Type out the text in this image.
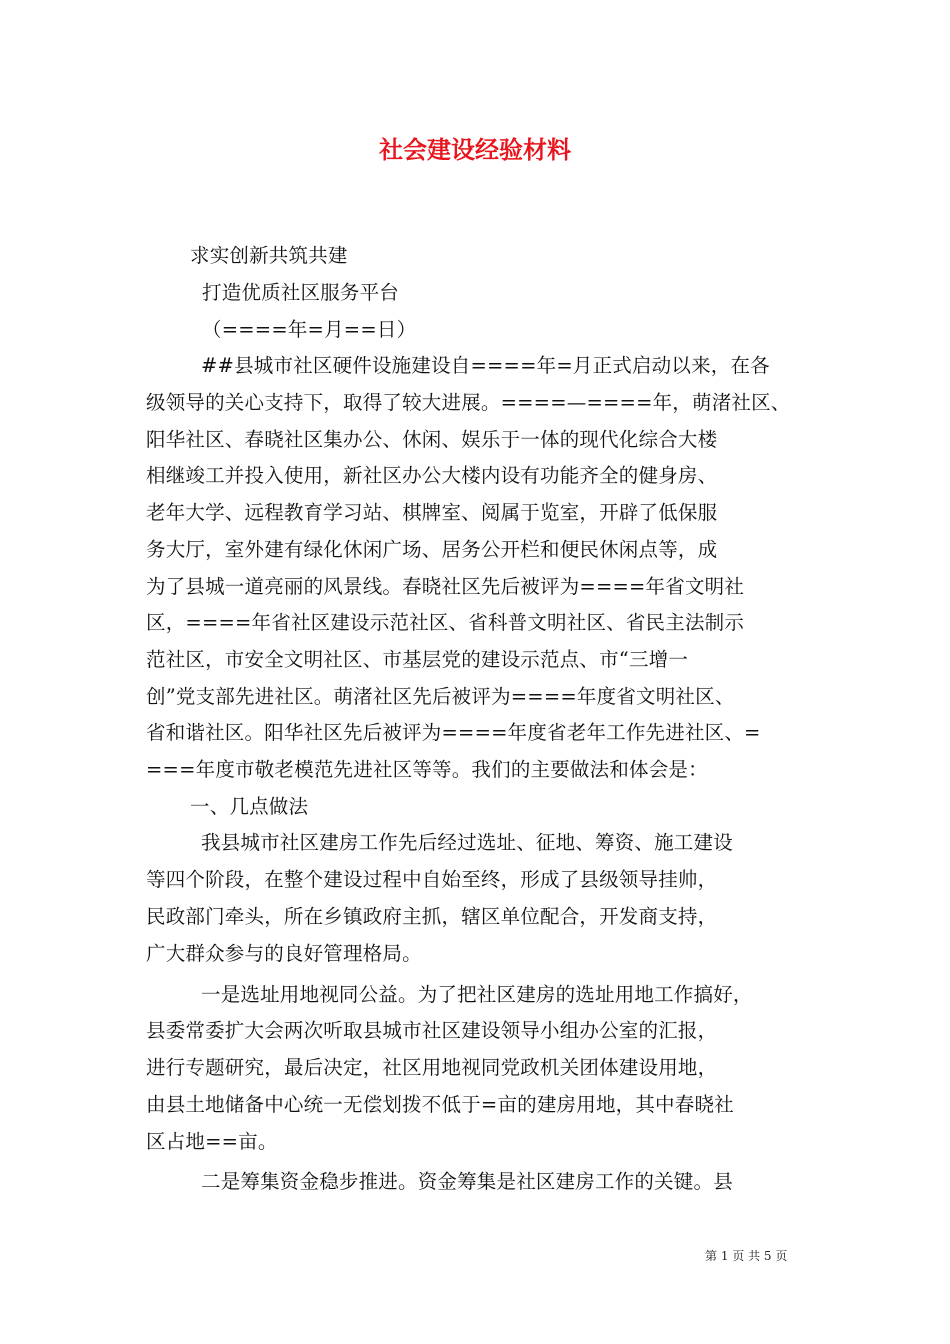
社会建设经验材料
求实创新共筑共建
打造优质社区服务平台
（====年=月==日）
##县城市社区硬件设施建设自====年=月正式启动以来，在各
级领导的关心支持下，取得了较大进展。====—====年，萌渚社区、
阳华社区、春晓社区集办公、休闲、娱乐于一体的现代化综合大楼
相继竣工并投入使用，新社区办公大楼内设有功能齐全的健身房、
老年大学、远程教育学习站、棋牌室、阅属于览室，开辟了低保服
务大厅，室外建有绿化休闲广场、居务公开栏和便民休闲点等，成
为了县城一道亮丽的风景线。春晓社区先后被评为====年省文明社
区，====年省社区建设示范社区、省科普文明社区、省民主法制示
范社区，市安全文明社区、市基层党的建设示范点、市“三增一
创”党支部先进社区。萌渚社区先后被评为====年度省文明社区、
省和谐社区。阳华社区先后被评为====年度省老年工作先进社区、=
===年度市敬老模范先进社区等等。我们的主要做法和体会是：
一、几点做法
我县城市社区建房工作先后经过选址、征地、筹资、施工建设
等四个阶段，在整个建设过程中自始至终，形成了县级领导挂帅，
民政部门牵头，所在乡镇政府主抓，辖区单位配合，开发商支持，
广大群众参与的良好管理格局。
一是选址用地视同公益。为了把社区建房的选址用地工作搞好，
县委常委扩大会两次听取县城市社区建设领导小组办公室的汇报，
进行专题研究，最后决定，社区用地视同党政机关团体建设用地，
由县土地储备中心统一无偿划拨不低于=亩的建房用地，其中春晓社
区占地==亩。
二是筹集资金稳步推进。资金筹集是社区建房工作的关键。县
第 1 页 共 5 页
